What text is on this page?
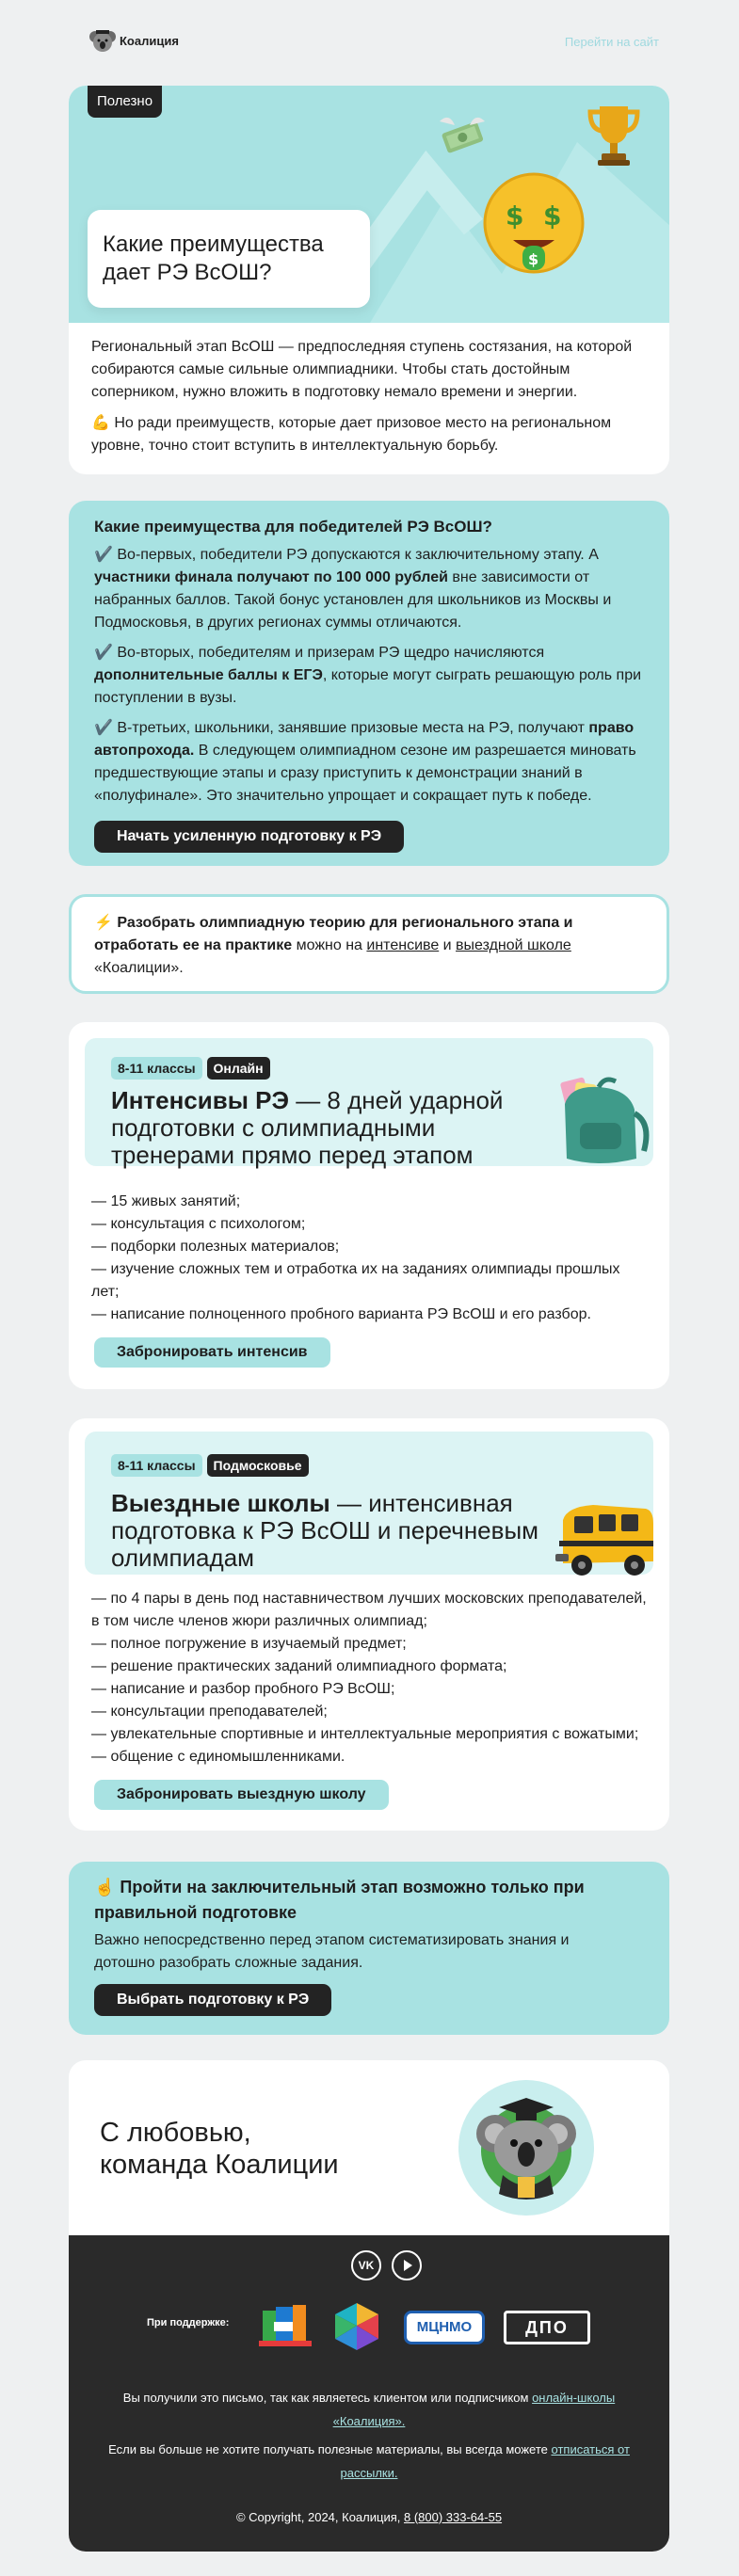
Коалиция	Перейти на сайт
Полезно
$ $
$
Какие преимущества
дает РЭ ВсОШ?

Региональный этап ВсОШ — предпоследняя ступень состязания, на которой собираются самые сильные олимпиадники. Чтобы стать достойным соперником, нужно вложить в подготовку немало времени и энергии.

💪 Но ради преимуществ, которые дает призовое место на региональном уровне, точно стоит вступить в интеллектуальную борьбу.

Какие преимущества для победителей РЭ ВсОШ?

✔️ Во-первых, победители РЭ допускаются к заключительному этапу. А участники финала получают по 100 000 рублей вне зависимости от набранных баллов. Такой бонус установлен для школьников из Москвы и Подмосковья, в других регионах суммы отличаются.

✔️ Во-вторых, победителям и призерам РЭ щедро начисляются дополнительные баллы к ЕГЭ, которые могут сыграть решающую роль при поступлении в вузы.

✔️ В-третьих, школьники, занявшие призовые места на РЭ, получают право автопрохода. В следующем олимпиадном сезоне им разрешается миновать предшествующие этапы и сразу приступить к демонстрации знаний в «полуфинале». Это значительно упрощает и сокращает путь к победе.

Начать усиленную подготовку к РЭ

⚡ Разобрать олимпиадную теорию для регионального этапа и отработать ее на практике можно на интенсиве и выездной школе
«Коалиции».

8-11 классы Онлайн
Интенсивы РЭ — 8 дней ударной подготовки с олимпиадными тренерами прямо перед этапом
— 15 живых занятий;
— консультация с психологом;
— подборки полезных материалов;
— изучение сложных тем и отработка их на заданиях олимпиады прошлых лет;
— написание полноценного пробного варианта РЭ ВсОШ и его разбор.
Забронировать интенсив
8-11 классы Подмосковье
Выездные школы — интенсивная подготовка к РЭ ВсОШ и перечневым олимпиадам
— по 4 пары в день под наставничеством лучших московских преподавателей, в том числе членов жюри различных олимпиад;
— полное погружение в изучаемый предмет;
— решение практических заданий олимпиадного формата;
— написание и разбор пробного РЭ ВсОШ;
— консультации преподавателей;
— увлекательные спортивные и интеллектуальные мероприятия с вожатыми;
— общение с единомышленниками.
Забронировать выездную школу

☝️ Пройти на заключительный этап возможно только при правильной подготовке

Важно непосредственно перед этапом систематизировать знания и дотошно разобрать сложные задания.

Выбрать подготовку к РЭ
С любовью,
команда Коалиции
VK
При поддержке:	МЦНМО	ДПО

Вы получили это письмо, так как являетесь клиентом или подписчиком онлайн-школы «Коалиция».

Если вы больше не хотите получать полезные материалы, вы всегда можете отписаться от рассылки.

© Copyright, 2024, Коалиция, 8 (800) 333-64-55
